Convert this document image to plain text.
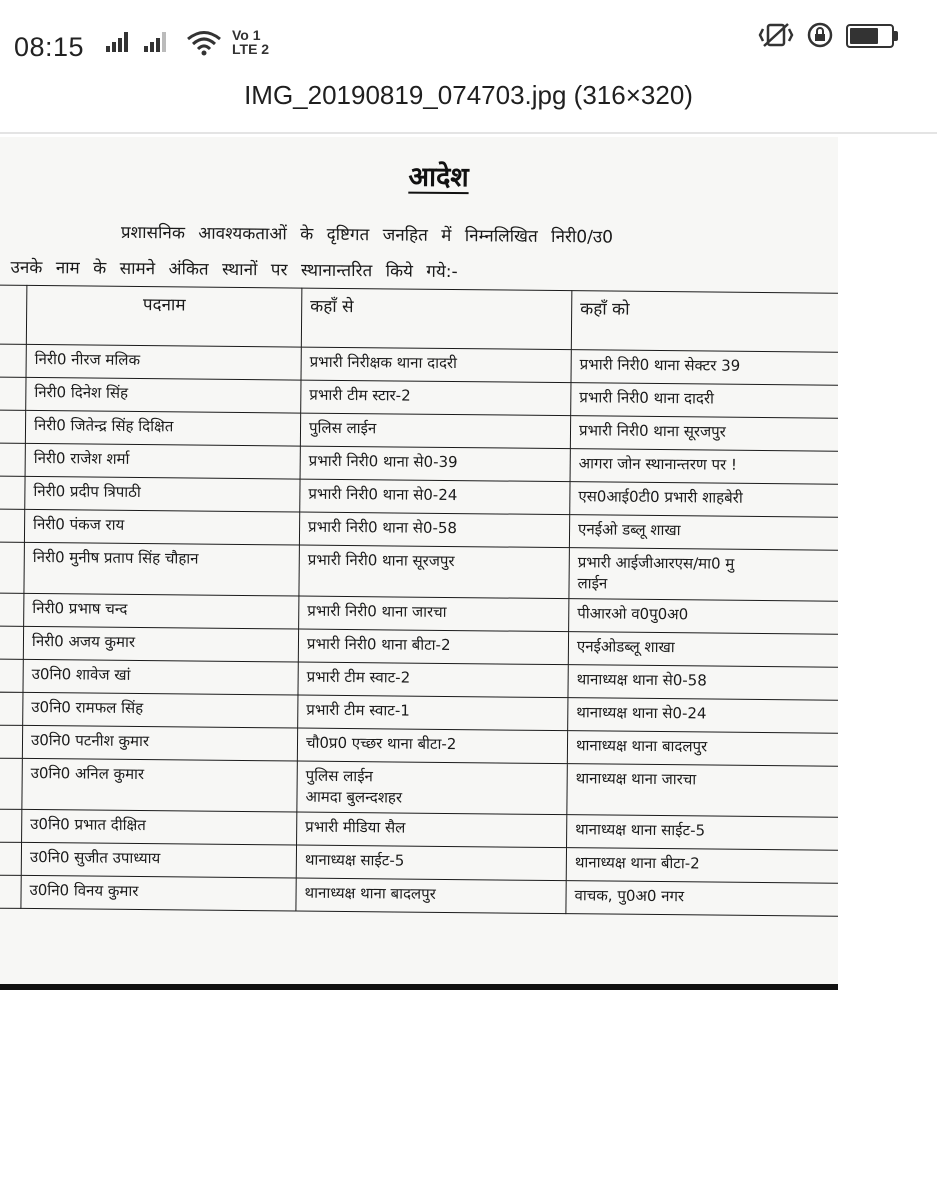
08:15	Vo 1
LTE 2
IMG_20190819_074703.jpg (316×320)
आदेश
प्रशासनिक आवश्यकताओं के दृष्टिगत जनहित में निम्नलिखित निरी0/उ0
उनके नाम के सामने अंकित स्थानों पर स्थानान्तरित किये गये:-
	पदनाम	कहाँ से	कहाँ को
	निरी0 नीरज मलिक	प्रभारी निरीक्षक थाना दादरी	प्रभारी निरी0 थाना सेक्टर 39

	निरी0 दिनेश सिंह	प्रभारी टीम स्टार-2	प्रभारी निरी0 थाना दादरी

	निरी0 जितेन्द्र सिंह दिक्षित	पुलिस लाईन	प्रभारी निरी0 थाना सूरजपुर

	निरी0 राजेश शर्मा	प्रभारी निरी0 थाना से0-39	आगरा जोन स्थानान्तरण पर !

	निरी0 प्रदीप त्रिपाठी	प्रभारी निरी0 थाना से0-24	एस0आई0टी0 प्रभारी शाहबेरी

	निरी0 पंकज राय	प्रभारी निरी0 थाना से0-58	एनईओ डब्लू शाखा

	निरी0 मुनीष प्रताप सिंह चौहान	प्रभारी निरी0 थाना सूरजपुर	प्रभारी आईजीआरएस/मा0 मु
लाईन

	निरी0 प्रभाष चन्द	प्रभारी निरी0 थाना जारचा	पीआरओ व0पु0अ0

	निरी0 अजय कुमार	प्रभारी निरी0 थाना बीटा-2	एनईओडब्लू शाखा

	उ0नि0 शावेज खां	प्रभारी टीम स्वाट-2	थानाध्यक्ष थाना से0-58

	उ0नि0 रामफल सिंह	प्रभारी टीम स्वाट-1	थानाध्यक्ष थाना से0-24

	उ0नि0 पटनीश कुमार	चौ0प्र0 एच्छर थाना बीटा-2	थानाध्यक्ष थाना बादलपुर

	उ0नि0 अनिल कुमार	पुलिस लाईन
आमदा बुलन्दशहर	थानाध्यक्ष थाना जारचा

	उ0नि0 प्रभात दीक्षित	प्रभारी मीडिया सैल	थानाध्यक्ष थाना साईट-5

	उ0नि0 सुजीत उपाध्याय	थानाध्यक्ष साईट-5	थानाध्यक्ष थाना बीटा-2

	उ0नि0 विनय कुमार	थानाध्यक्ष थाना बादलपुर	वाचक, पु0अ0 नगर
